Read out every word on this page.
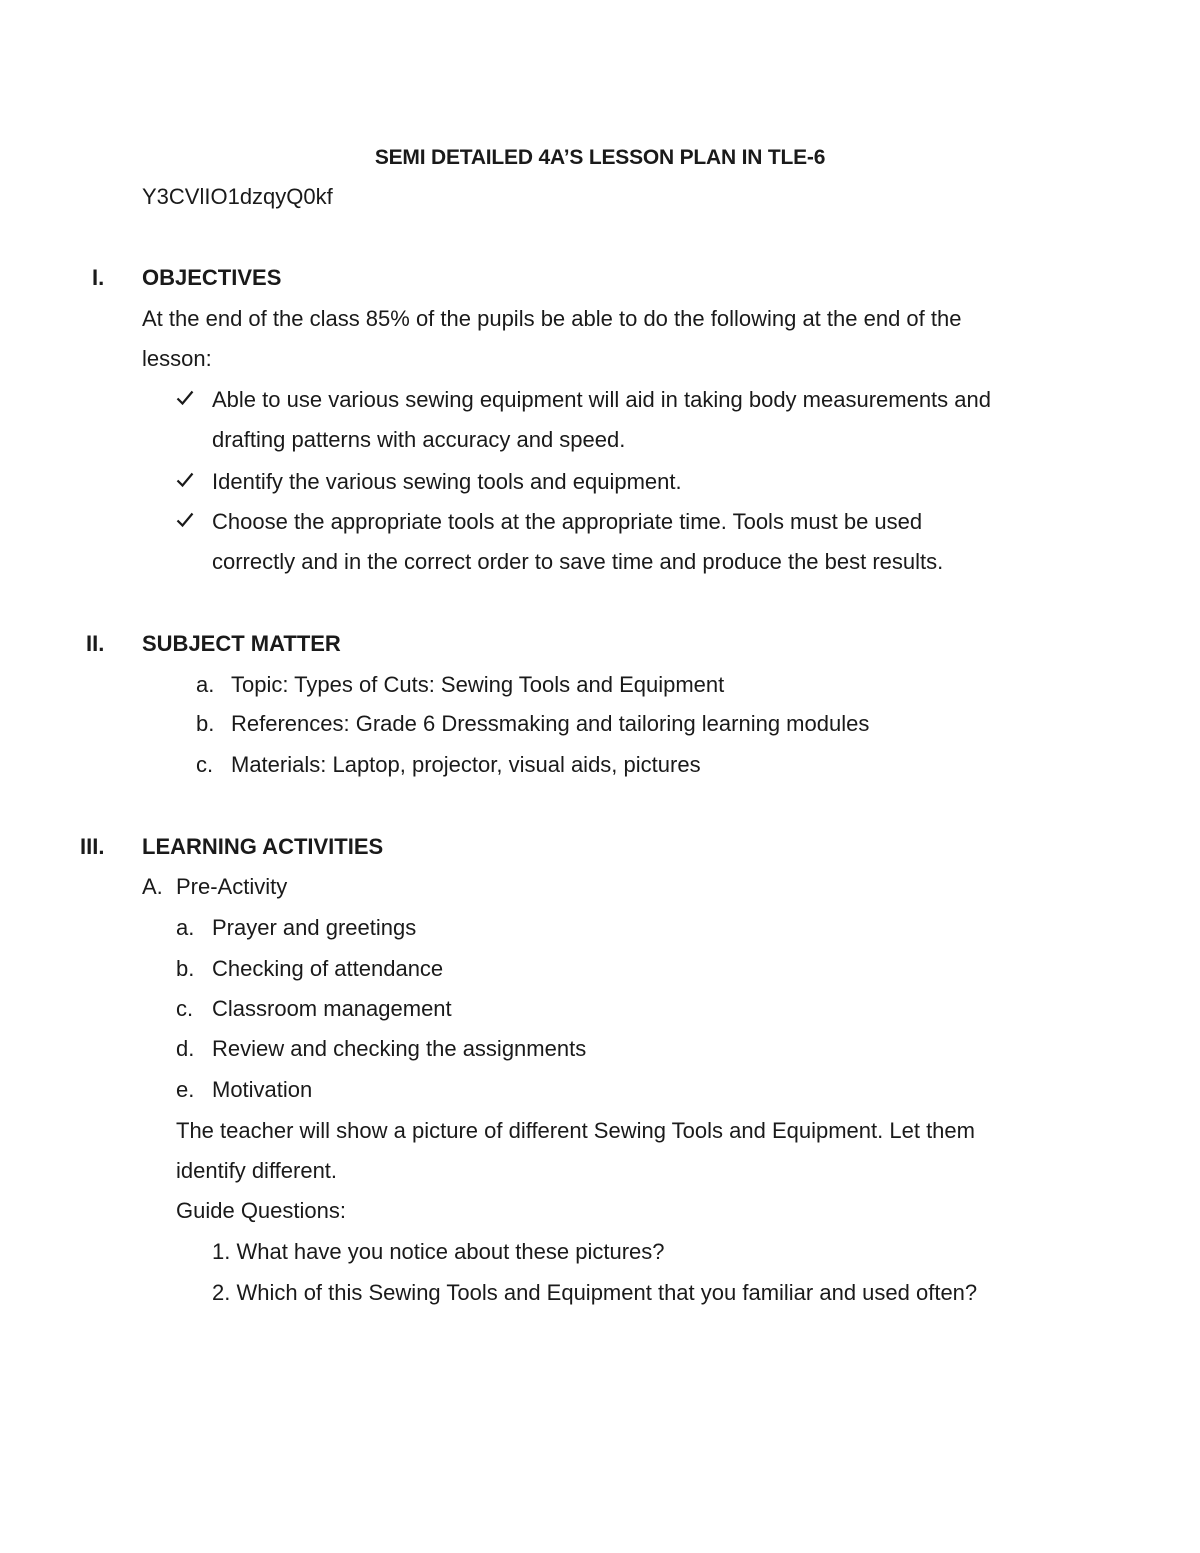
SEMI DETAILED 4A’S LESSON PLAN IN TLE-6
Y3CVlIO1dzqyQ0kf
I. OBJECTIVES
At the end of the class 85% of the pupils be able to do the following at the end of the
lesson:
Able to use various sewing equipment will aid in taking body measurements and
drafting patterns with accuracy and speed.
Identify the various sewing tools and equipment.
Choose the appropriate tools at the appropriate time. Tools must be used
correctly and in the correct order to save time and produce the best results.
II. SUBJECT MATTER
a. Topic: Types of Cuts: Sewing Tools and Equipment
b. References: Grade 6 Dressmaking and tailoring learning modules
c. Materials: Laptop, projector, visual aids, pictures
III. LEARNING ACTIVITIES
A. Pre-Activity
a. Prayer and greetings
b. Checking of attendance
c. Classroom management
d. Review and checking the assignments
e. Motivation
The teacher will show a picture of different Sewing Tools and Equipment. Let them
identify different.
Guide Questions:
1. What have you notice about these pictures?
2. Which of this Sewing Tools and Equipment that you familiar and used often?
